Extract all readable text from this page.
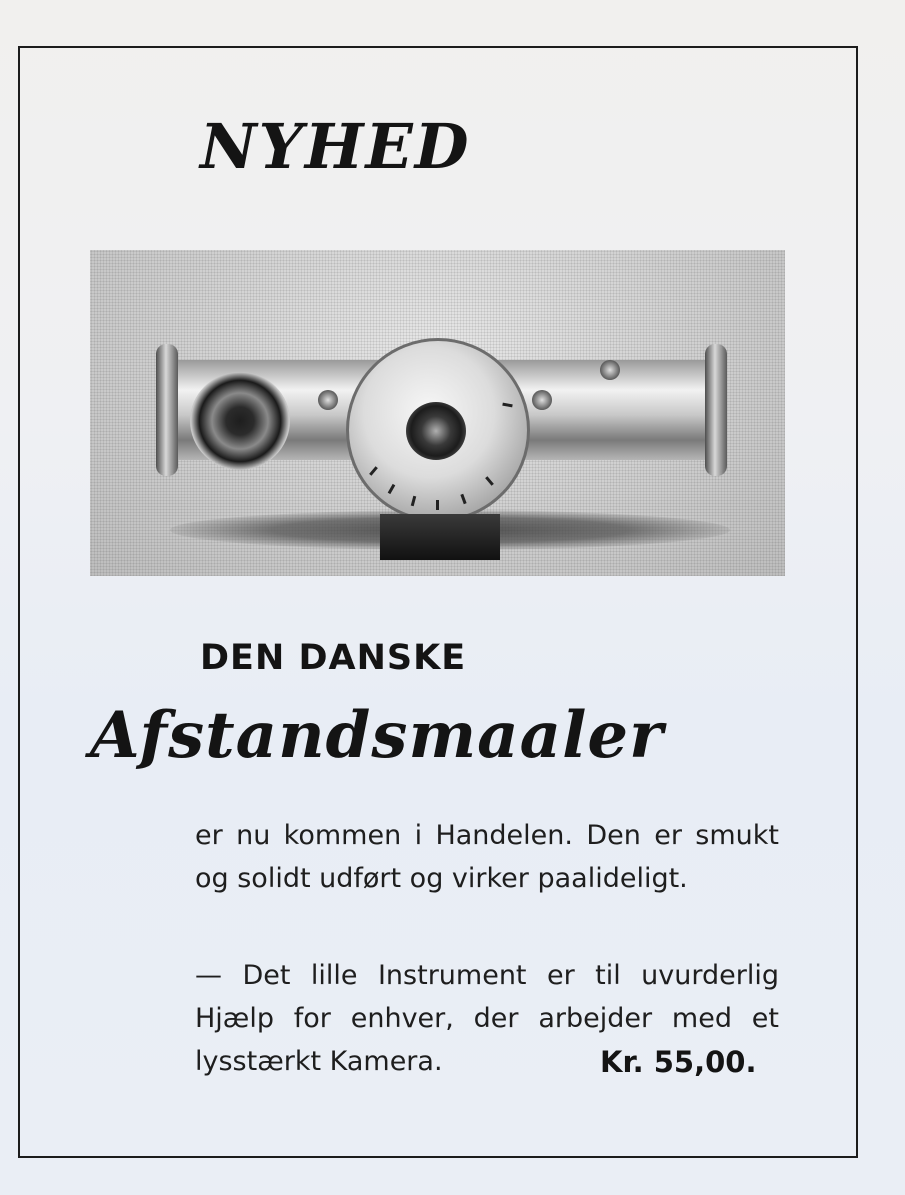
NYHED
DEN DANSKE
Afstandsmaaler

er nu kommen i Handelen. Den er smukt og solidt udført og virker paalideligt.

— Det lille Instrument er til uvurderlig Hjælp for enhver, der arbejder med et lysstærkt Kamera.	Kr. 55,00.
